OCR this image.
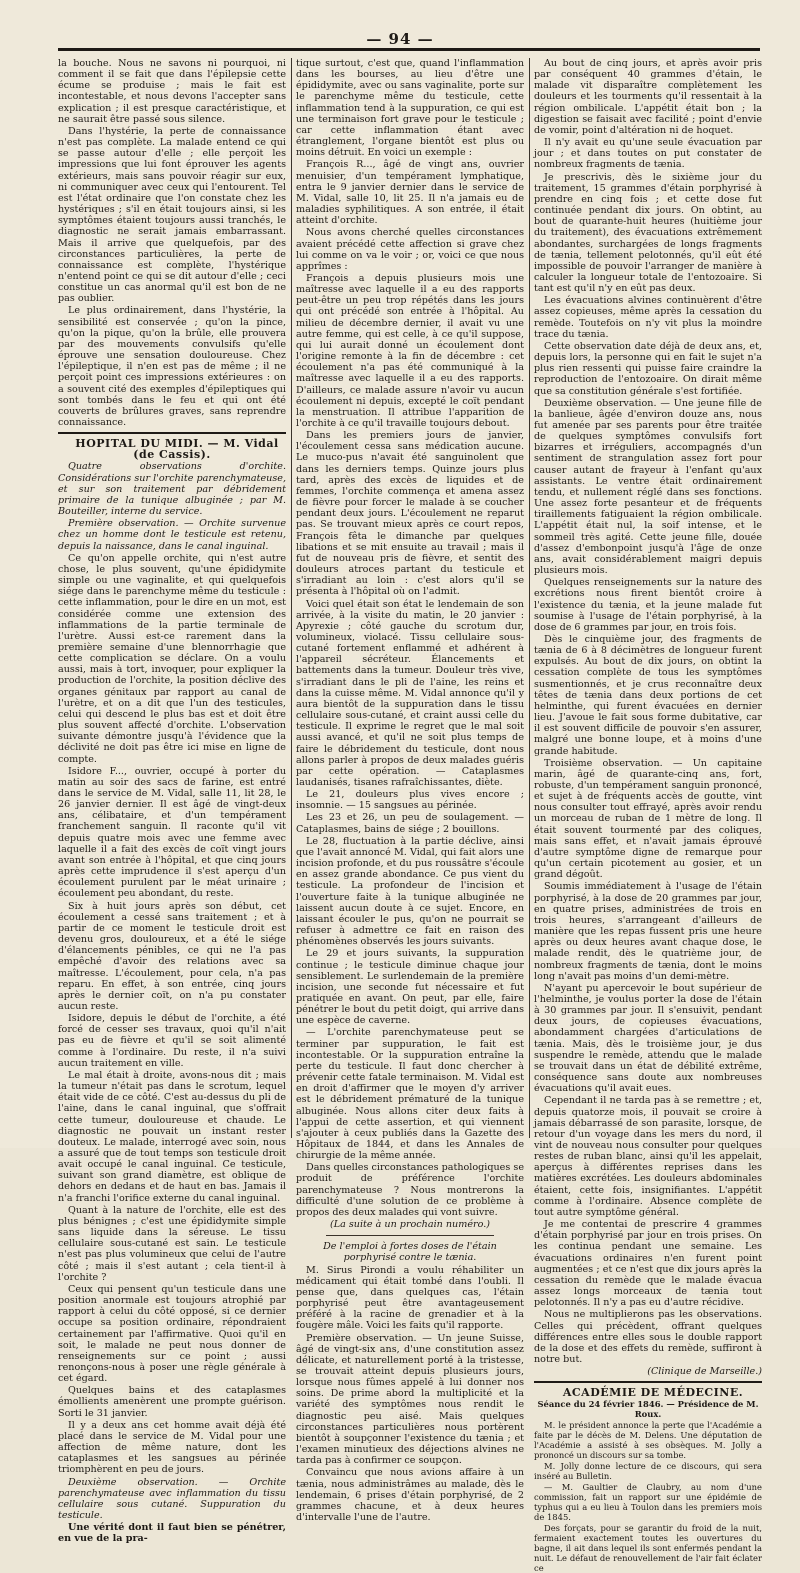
— 94 —

la bouche. Nous ne savons ni pourquoi, ni comment il se fait que dans l'épilepsie cette écume se produise ; mais le fait est incontestable, et nous devons l'accepter sans explication ; il est presque caractéristique, et ne saurait être passé sous silence.

Dans l'hystérie, la perte de connaissance n'est pas complète. La malade entend ce qui se passe autour d'elle ; elle perçoit les impressions que lui font éprouver les agents extérieurs, mais sans pouvoir réagir sur eux, ni communiquer avec ceux qui l'entourent. Tel est l'état ordinaire que l'on constate chez les hystériques ; s'il en était toujours ainsi, si les symptômes étaient toujours aussi tranchés, le diagnostic ne serait jamais embarrassant. Mais il arrive que quelquefois, par des circonstances particulières, la perte de connaissance est complète, l'hystérique n'entend point ce qui se dit autour d'elle ; ceci constitue un cas anormal qu'il est bon de ne pas oublier.

Le plus ordinairement, dans l'hystérie, la sensibilité est conservée ; qu'on la pince, qu'on la pique, qu'on la brûle, elle prouvera par des mouvements convulsifs qu'elle éprouve une sensation douloureuse. Chez l'épileptique, il n'en est pas de même ; il ne perçoit point ces impressions extérieures : on a souvent cité des exemples d'épileptiques qui sont tombés dans le feu et qui ont été couverts de brûlures graves, sans reprendre connaissance.

HOPITAL DU MIDI. — M. Vidal (de Cassis).

Quatre observations d'orchite. Considérations sur l'orchite parenchymateuse, et sur son traitement par débridement primaire de la tunique albuginée ; par M. Bouteiller, interne du service.

Première observation. — Orchite survenue chez un homme dont le testicule est retenu, depuis la naissance, dans le canal inguinal.

Ce qu'on appelle orchite, qui n'est autre chose, le plus souvent, qu'une épididymite simple ou une vaginalite, et qui quelquefois siége dans le parenchyme même du testicule : cette inflammation, pour le dire en un mot, est considérée comme une extension des inflammations de la partie terminale de l'urètre. Aussi est-ce rarement dans la première semaine d'une blennorrhagie que cette complication se déclare. On a voulu aussi, mais à tort, invoquer, pour expliquer la production de l'orchite, la position déclive des organes génitaux par rapport au canal de l'urètre, et on a dit que l'un des testicules, celui qui descend le plus bas est et doit être plus souvent affecté d'orchite. L'observation suivante démontre jusqu'à l'évidence que la déclivité ne doit pas être ici mise en ligne de compte.

Isidore F..., ouvrier, occupé à porter du matin au soir des sacs de farine, est entré dans le service de M. Vidal, salle 11, lit 28, le 26 janvier dernier. Il est âgé de vingt-deux ans, célibataire, et d'un tempérament franchement sanguin. Il raconte qu'il vit depuis quatre mois avec une femme avec laquelle il a fait des excès de coït vingt jours avant son entrée à l'hôpital, et que cinq jours après cette imprudence il s'est aperçu d'un écoulement purulent par le méat urinaire ; écoulement peu abondant, du reste.

Six à huit jours après son début, cet écoulement a cessé sans traitement ; et à partir de ce moment le testicule droit est devenu gros, douloureux, et a été le siége d'élancements pénibles, ce qui ne l'a pas empêché d'avoir des relations avec sa maîtresse. L'écoulement, pour cela, n'a pas reparu. En effet, à son entrée, cinq jours après le dernier coït, on n'a pu constater aucun reste.

Isidore, depuis le début de l'orchite, a été forcé de cesser ses travaux, quoi qu'il n'ait pas eu de fièvre et qu'il se soit alimenté comme à l'ordinaire. Du reste, il n'a suivi aucun traitement en ville.

Le mal était à droite, avons-nous dit ; mais la tumeur n'était pas dans le scrotum, lequel était vide de ce côté. C'est au-dessus du pli de l'aine, dans le canal inguinal, que s'offrait cette tumeur, douloureuse et chaude. Le diagnostic ne pouvait un instant rester douteux. Le malade, interrogé avec soin, nous a assuré que de tout temps son testicule droit avait occupé le canal inguinal. Ce testicule, suivant son grand diamètre, est oblique de dehors en dedans et de haut en bas. Jamais il n'a franchi l'orifice externe du canal inguinal.

Quant à la nature de l'orchite, elle est des plus bénignes ; c'est une épididymite simple sans liquide dans la séreuse. Le tissu cellulaire sous-cutané est sain. Le testicule n'est pas plus volumineux que celui de l'autre côté ; mais il s'est autant ; cela tient-il à l'orchite ?

Ceux qui pensent qu'un testicule dans une position anormale est toujours atrophié par rapport à celui du côté opposé, si ce dernier occupe sa position ordinaire, répondraient certainement par l'affirmative. Quoi qu'il en soit, le malade ne peut nous donner de renseignements sur ce point ; aussi renonçons-nous à poser une règle générale à cet égard.

Quelques bains et des cataplasmes émollients amenèrent une prompte guérison. Sorti le 31 janvier.

Il y a deux ans cet homme avait déjà été placé dans le service de M. Vidal pour une affection de même nature, dont les cataplasmes et les sangsues au périnée triomphèrent en peu de jours.

Deuxième observation. — Orchite parenchymateuse avec inflammation du tissu cellulaire sous cutané. Suppuration du testicule.

Une vérité dont il faut bien se pénétrer, en vue de la pra-

tique surtout, c'est que, quand l'inflammation dans les bourses, au lieu d'être une épididymite, avec ou sans vaginalite, porte sur le parenchyme même du testicule, cette inflammation tend à la suppuration, ce qui est une terminaison fort grave pour le testicule ; car cette inflammation étant avec étranglement, l'organe bientôt est plus ou moins détruit. En voici un exemple :

François R..., âgé de vingt ans, ouvrier menuisier, d'un tempérament lymphatique, entra le 9 janvier dernier dans le service de M. Vidal, salle 10, lit 25. Il n'a jamais eu de maladies syphilitiques. A son entrée, il était atteint d'orchite.

Nous avons cherché quelles circonstances avaient précédé cette affection si grave chez lui comme on va le voir ; or, voici ce que nous apprîmes :

François a depuis plusieurs mois une maîtresse avec laquelle il a eu des rapports peut-être un peu trop répétés dans les jours qui ont précédé son entrée à l'hôpital. Au milieu de décembre dernier, il avait vu une autre femme, qui est celle, à ce qu'il suppose, qui lui aurait donné un écoulement dont l'origine remonte à la fin de décembre : cet écoulement n'a pas été communiqué à la maîtresse avec laquelle il a eu des rapports. D'ailleurs, ce malade assure n'avoir vu aucun écoulement ni depuis, excepté le coït pendant la menstruation. Il attribue l'apparition de l'orchite à ce qu'il travaille toujours debout.

Dans les premiers jours de janvier, l'écoulement cessa sans médication aucune. Le muco-pus n'avait été sanguinolent que dans les derniers temps. Quinze jours plus tard, après des excès de liquides et de femmes, l'orchite commença et amena assez de fièvre pour forcer le malade à se coucher pendant deux jours. L'écoulement ne reparut pas. Se trouvant mieux après ce court repos, François fêta le dimanche par quelques libations et se mit ensuite au travail ; mais il fut de nouveau pris de fièvre, et sentit des douleurs atroces partant du testicule et s'irradiant au loin : c'est alors qu'il se présenta à l'hôpital où on l'admit.

Voici quel était son état le lendemain de son arrivée, à la visite du matin, le 20 janvier : Apyrexie ; côté gauche du scrotum dur, volumineux, violacé. Tissu cellulaire sous-cutané fortement enflammé et adhérent à l'appareil sécréteur. Élancements et battements dans la tumeur. Douleur très vive, s'irradiant dans le pli de l'aine, les reins et dans la cuisse même. M. Vidal annonce qu'il y aura bientôt de la suppuration dans le tissu cellulaire sous-cutané, et craint aussi celle du testicule. Il exprime le regret que le mal soit aussi avancé, et qu'il ne soit plus temps de faire le débridement du testicule, dont nous allons parler à propos de deux malades guéris par cette opération. — Cataplasmes laudanisés, tisanes rafraîchissantes, diète.

Le 21, douleurs plus vives encore ; insomnie. — 15 sangsues au périnée.

Les 23 et 26, un peu de soulagement. — Cataplasmes, bains de siége ; 2 bouillons.

Le 28, fluctuation à la partie déclive, ainsi que l'avait annoncé M. Vidal, qui fait alors une incision profonde, et du pus roussâtre s'écoule en assez grande abondance. Ce pus vient du testicule. La profondeur de l'incision et l'ouverture faite à la tunique albuginée ne laissent aucun doute à ce sujet. Encore, en laissant écouler le pus, qu'on ne pourrait se refuser à admettre ce fait en raison des phénomènes observés les jours suivants.

Le 29 et jours suivants, la suppuration continue ; le testicule diminue chaque jour sensiblement. Le surlendemain de la première incision, une seconde fut nécessaire et fut pratiquée en avant. On peut, par elle, faire pénétrer le bout du petit doigt, qui arrive dans une espèce de caverne.

— L'orchite parenchymateuse peut se terminer par suppuration, le fait est incontestable. Or la suppuration entraîne la perte du testicule. Il faut donc chercher à prévenir cette fatale terminaison. M. Vidal est en droit d'affirmer que le moyen d'y arriver est le débridement prématuré de la tunique albuginée. Nous allons citer deux faits à l'appui de cette assertion, et qui viennent s'ajouter à ceux publiés dans la Gazette des Hôpitaux de 1844, et dans les Annales de chirurgie de la même année.

Dans quelles circonstances pathologiques se produit de préférence l'orchite parenchymateuse ? Nous montrerons la difficulté d'une solution de ce problème à propos des deux malades qui vont suivre.

(La suite à un prochain numéro.)

De l'emploi à fortes doses de l'étain porphyrisé contre le tænia.

M. Sirus Pirondi a voulu réhabiliter un médicament qui était tombé dans l'oubli. Il pense que, dans quelques cas, l'étain porphyrisé peut être avantageusement préféré à la racine de grenadier et à la fougère mâle. Voici les faits qu'il rapporte.

Première observation. — Un jeune Suisse, âgé de vingt-six ans, d'une constitution assez délicate, et naturellement porté à la tristesse, se trouvait atteint depuis plusieurs jours, lorsque nous fûmes appelé à lui donner nos soins. De prime abord la multiplicité et la variété des symptômes nous rendit le diagnostic peu aisé. Mais quelques circonstances particulières nous portèrent bientôt à soupçonner l'existence du tænia ; et l'examen minutieux des déjections alvines ne tarda pas à confirmer ce soupçon.

Convaincu que nous avions affaire à un tænia, nous administrâmes au malade, dès le lendemain, 6 prises d'étain porphyrisé, de 2 grammes chacune, et à deux heures d'intervalle l'une de l'autre.

Au bout de cinq jours, et après avoir pris par conséquent 40 grammes d'étain, le malade vit disparaître complètement les douleurs et les tourments qu'il ressentait à la région ombilicale. L'appétit était bon ; la digestion se faisait avec facilité ; point d'envie de vomir, point d'altération ni de hoquet.

Il n'y avait eu qu'une seule évacuation par jour ; et dans toutes on put constater de nombreux fragments de tænia.

Je prescrivis, dès le sixième jour du traitement, 15 grammes d'étain porphyrisé à prendre en cinq fois ; et cette dose fut continuée pendant dix jours. On obtint, au bout de quarante-huit heures (huitième jour du traitement), des évacuations extrêmement abondantes, surchargées de longs fragments de tænia, tellement pelotonnés, qu'il eût été impossible de pouvoir l'arranger de manière à calculer la longueur totale de l'entozoaire. Si tant est qu'il n'y en eût pas deux.

Les évacuations alvines continuèrent d'être assez copieuses, même après la cessation du remède. Toutefois on n'y vit plus la moindre trace du tænia.

Cette observation date déjà de deux ans, et, depuis lors, la personne qui en fait le sujet n'a plus rien ressenti qui puisse faire craindre la reproduction de l'entozoaire. On dirait même que sa constitution générale s'est fortifiée.

Deuxième observation. — Une jeune fille de la banlieue, âgée d'environ douze ans, nous fut amenée par ses parents pour être traitée de quelques symptômes convulsifs fort bizarres et irréguliers, accompagnés d'un sentiment de strangulation assez fort pour causer autant de frayeur à l'enfant qu'aux assistants. Le ventre était ordinairement tendu, et nullement réglé dans ses fonctions. Une assez forte pesanteur et de fréquents tiraillements fatiguaient la région ombilicale. L'appétit était nul, la soif intense, et le sommeil très agité. Cette jeune fille, douée d'assez d'embonpoint jusqu'à l'âge de onze ans, avait considérablement maigri depuis plusieurs mois.

Quelques renseignements sur la nature des excrétions nous firent bientôt croire à l'existence du tænia, et la jeune malade fut soumise à l'usage de l'étain porphyrisé, à la dose de 6 grammes par jour, en trois fois.

Dès le cinquième jour, des fragments de tænia de 6 à 8 décimètres de longueur furent expulsés. Au bout de dix jours, on obtint la cessation complète de tous les symptômes susmentionnés, et je crus reconnaître deux têtes de tænia dans deux portions de cet helminthe, qui furent évacuées en dernier lieu. J'avoue le fait sous forme dubitative, car il est souvent difficile de pouvoir s'en assurer, malgré une bonne loupe, et à moins d'une grande habitude.

Troisième observation. — Un capitaine marin, âgé de quarante-cinq ans, fort, robuste, d'un tempérament sanguin prononcé, et sujet à de fréquents accès de goutte, vint nous consulter tout effrayé, après avoir rendu un morceau de ruban de 1 mètre de long. Il était souvent tourmenté par des coliques, mais sans effet, et n'avait jamais éprouvé d'autre symptôme digne de remarque pour qu'un certain picotement au gosier, et un grand dégoût.

Soumis immédiatement à l'usage de l'étain porphyrisé, à la dose de 20 grammes par jour, en quatre prises, administrées de trois en trois heures, s'arrangeant d'ailleurs de manière que les repas fussent pris une heure après ou deux heures avant chaque dose, le malade rendit, dès le quatrième jour, de nombreux fragments de tænia, dont le moins long n'avait pas moins d'un demi-mètre.

N'ayant pu apercevoir le bout supérieur de l'helminthe, je voulus porter la dose de l'étain à 30 grammes par jour. Il s'ensuivit, pendant deux jours, de copieuses évacuations, abondamment chargées d'articulations de tænia. Mais, dès le troisième jour, je dus suspendre le remède, attendu que le malade se trouvait dans un état de débilité extrême, conséquence sans doute aux nombreuses évacuations qu'il avait eues.

Cependant il ne tarda pas à se remettre ; et, depuis quatorze mois, il pouvait se croire à jamais débarrassé de son parasite, lorsque, de retour d'un voyage dans les mers du nord, il vint de nouveau nous consulter pour quelques restes de ruban blanc, ainsi qu'il les appelait, aperçus à différentes reprises dans les matières excrétées. Les douleurs abdominales étaient, cette fois, insignifiantes. L'appétit comme à l'ordinaire. Absence complète de tout autre symptôme général.

Je me contentai de prescrire 4 grammes d'étain porphyrisé par jour en trois prises. On les continua pendant une semaine. Les évacuations ordinaires n'en furent point augmentées ; et ce n'est que dix jours après la cessation du remède que le malade évacua assez longs morceaux de tænia tout pelotonnés. Il n'y a pas eu d'autre récidive.

Nous ne multiplierons pas les observations. Celles qui précèdent, offrant quelques différences entre elles sous le double rapport de la dose et des effets du remède, suffiront à notre but.

(Clinique de Marseille.)

ACADÉMIE DE MÉDECINE.

Séance du 24 février 1846. — Présidence de M. Roux.

M. le président annonce la perte que l'Académie a faite par le décès de M. Delens. Une députation de l'Académie a assisté à ses obsèques. M. Jolly a prononcé un discours sur sa tombe.

M. Jolly donne lecture de ce discours, qui sera inséré au Bulletin.

— M. Gaultier de Claubry, au nom d'une commission, fait un rapport sur une épidémie de typhus qui a eu lieu à Toulon dans les premiers mois de 1845.

Des forçats, pour se garantir du froid de la nuit, fermaient exactement toutes les ouvertures du bagne, il ait dans lequel ils sont enfermés pendant la nuit. Le défaut de renouvellement de l'air fait éclater ce
